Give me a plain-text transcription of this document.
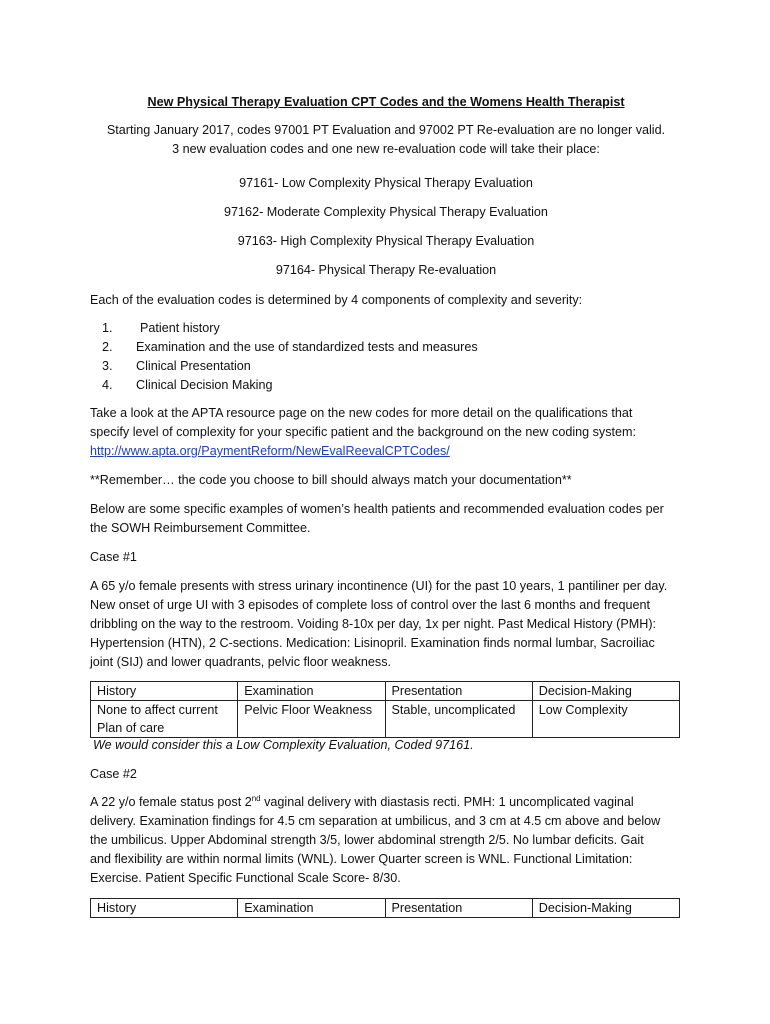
New Physical Therapy Evaluation CPT Codes and the Womens Health Therapist
Starting January 2017, codes 97001 PT Evaluation and 97002 PT Re-evaluation are no longer valid.
3 new evaluation codes and one new re-evaluation code will take their place:
97161- Low Complexity Physical Therapy Evaluation
97162- Moderate Complexity Physical Therapy Evaluation
97163- High Complexity Physical Therapy Evaluation
97164- Physical Therapy Re-evaluation
Each of the evaluation codes is determined by 4 components of complexity and severity:
1.	Patient history
2.	Examination and the use of standardized tests and measures
3.	Clinical Presentation
4.	Clinical Decision Making
Take a look at the APTA resource page on the new codes for more detail on the qualifications that
specify level of complexity for your specific patient and the background on the new coding system:
http://www.apta.org/PaymentReform/NewEvalReevalCPTCodes/
**Remember… the code you choose to bill should always match your documentation**
Below are some specific examples of women’s health patients and recommended evaluation codes per
the SOWH Reimbursement Committee.
Case #1
A 65 y/o female presents with stress urinary incontinence (UI) for the past 10 years, 1 pantiliner per day.
New onset of urge UI with 3 episodes of complete loss of control over the last 6 months and frequent
dribbling on the way to the restroom. Voiding 8-10x per day, 1x per night. Past Medical History (PMH):
Hypertension (HTN), 2 C-sections. Medication: Lisinopril. Examination finds normal lumbar, Sacroiliac
joint (SIJ) and lower quadrants, pelvic floor weakness.
History	Examination	Presentation	Decision-Making
None to affect current Plan of care	Pelvic Floor Weakness	Stable, uncomplicated	Low Complexity
We would consider this a Low Complexity Evaluation, Coded 97161.
Case #2
A 22 y/o female status post 2nd vaginal delivery with diastasis recti. PMH: 1 uncomplicated vaginal
delivery. Examination findings for 4.5 cm separation at umbilicus, and 3 cm at 4.5 cm above and below
the umbilicus. Upper Abdominal strength 3/5, lower abdominal strength 2/5. No lumbar deficits. Gait
and flexibility are within normal limits (WNL). Lower Quarter screen is WNL. Functional Limitation:
Exercise. Patient Specific Functional Scale Score- 8/30.
History	Examination	Presentation	Decision-Making
